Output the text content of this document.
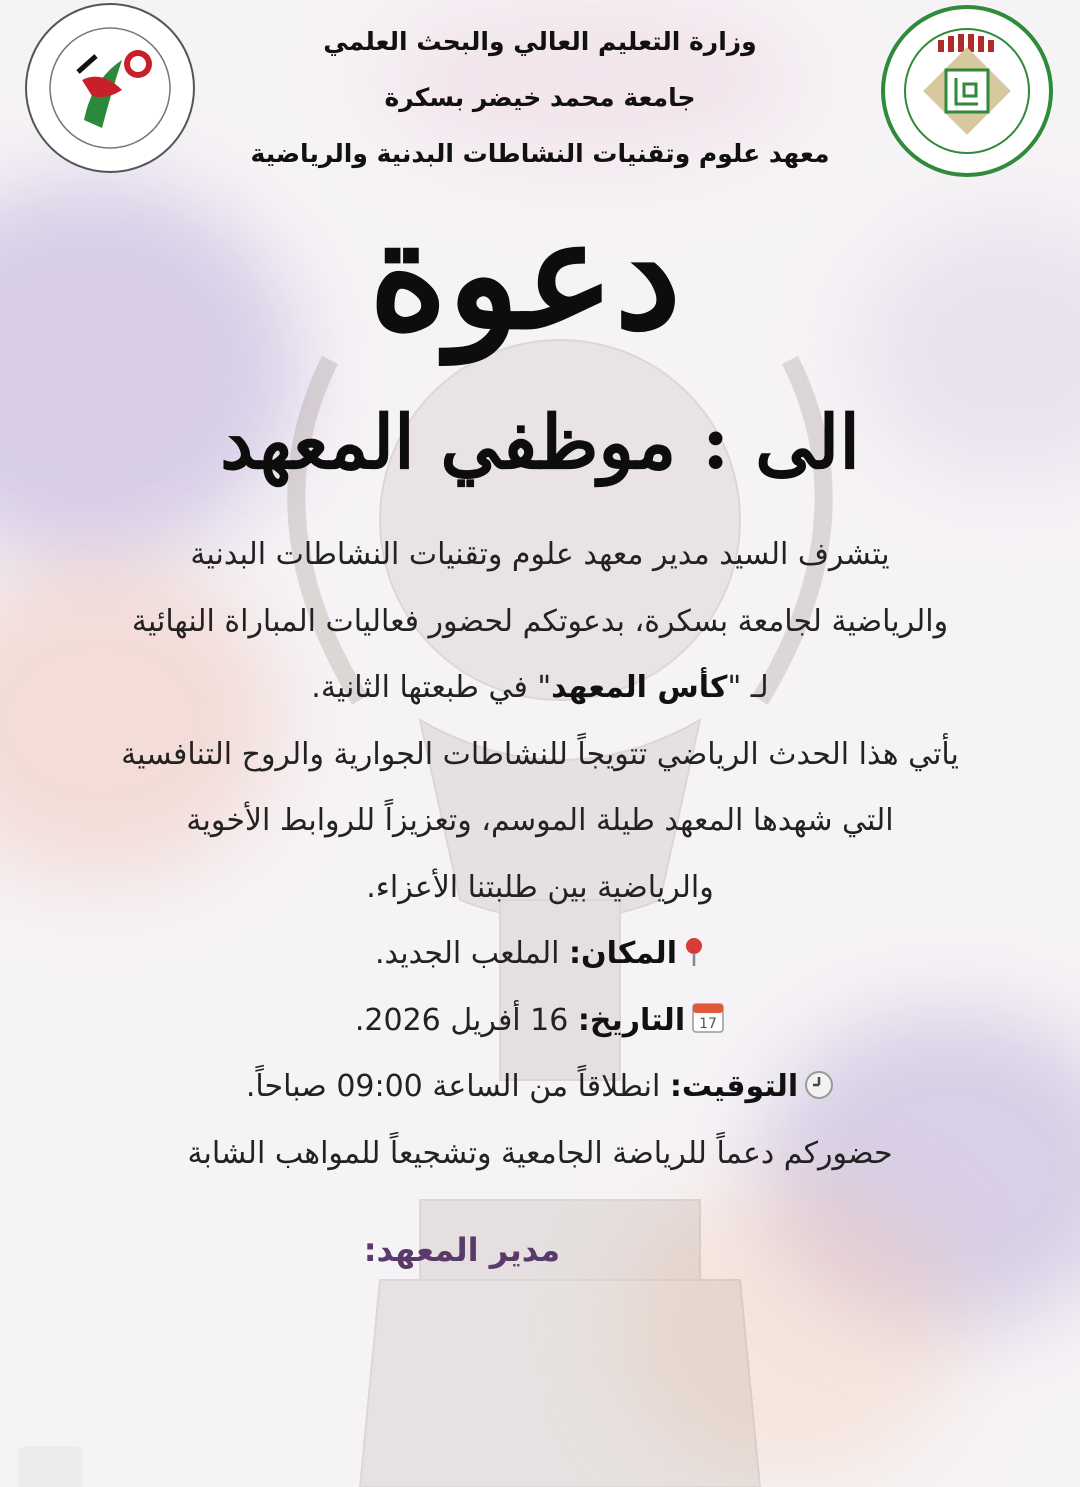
وزارة التعليم العالي والبحث العلمي
جامعة محمد خيضر بسكرة
معهد علوم وتقنيات النشاطات البدنية والرياضية
دعوة
الى : موظفي المعهد
يتشرف السيد مدير معهد علوم وتقنيات النشاطات البدنية
والرياضية لجامعة بسكرة، بدعوتكم لحضور فعاليات المباراة النهائية
لـ "كأس المعهد" في طبعتها الثانية.
يأتي هذا الحدث الرياضي تتويجاً للنشاطات الجوارية والروح التنافسية
التي شهدها المعهد طيلة الموسم، وتعزيزاً للروابط الأخوية
والرياضية بين طلبتنا الأعزاء.
المكان: الملعب الجديد.
17
التاريخ: 16 أفريل 2026.
التوقيت: انطلاقاً من الساعة 09:00 صباحاً.
حضوركم دعماً للرياضة الجامعية وتشجيعاً للمواهب الشابة
مدير المعهد:
